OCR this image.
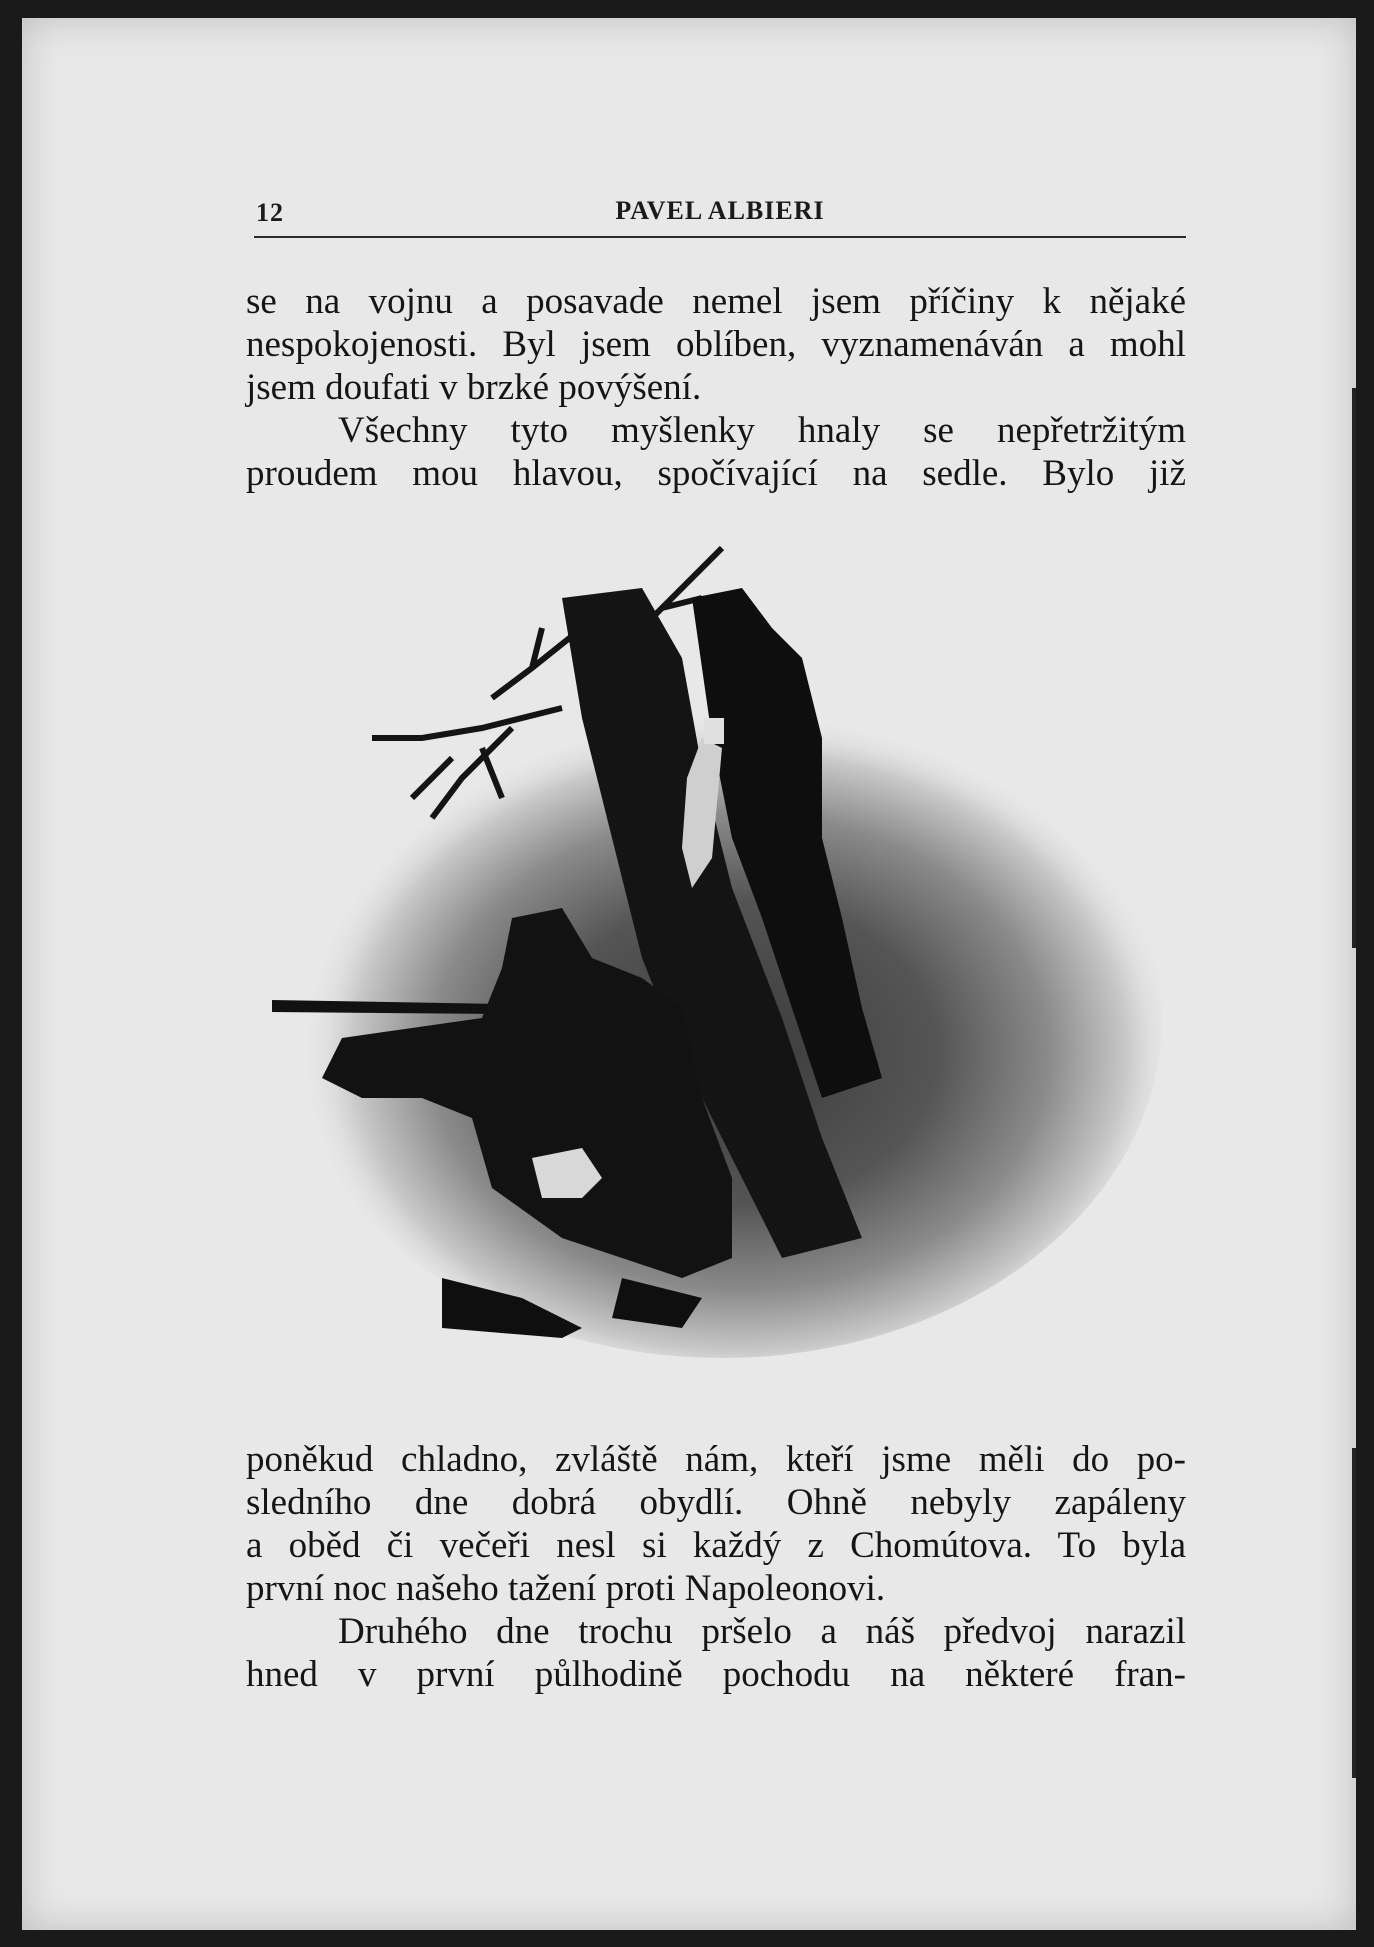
12	PAVEL ALBIERI
se na vojnu a posavade nemel jsem příčiny k nějaké
nespokojenosti. Byl jsem oblíben, vyznamenáván a mohl
jsem doufati v brzké povýšení.
Všechny tyto myšlenky hnaly se nepřetržitým
proudem mou hlavou, spočívající na sedle. Bylo již
poněkud chladno, zvláště nám, kteří jsme měli do po-
sledního dne dobrá obydlí. Ohně nebyly zapáleny
a oběd či večeři nesl si každý z Chomútova. To byla
první noc našeho tažení proti Napoleonovi.
Druhého dne trochu pršelo a náš předvoj narazil
hned v první půlhodině pochodu na některé fran-
